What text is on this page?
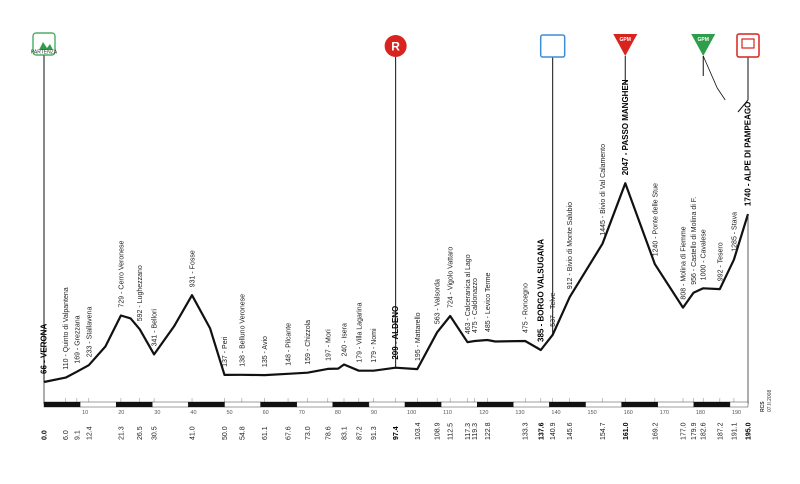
10	20	30	40	50	60	70	80	90	100	110	120	130	140	150	160	170	180	190
66 - VERONA 110 - Quinto di Valpantena 169 - Grezzana 233 - Stallavena
729 - Cerro Veronese 592 - Lughezzano
341 - Bellori
931 - Fosse
137 - Peri 138 - Belluno Veronese 135 - Avio 148 - Pilcante 159 - Chizzola 197 - Mori 240 - Isera 179 - Villa Lagarina 179 - Nomi 209 - ALDENO 195 - Mattarello
563 - Valsorda 724 - Vigolo Vattaro 463 - Calceranica al Lago 475 - Caldonazzo 485 - Levico Terme	475 - Roncegno 385 - BORGO VALSUGANA 537 - Telve
912 - Bivio di Monte Salubio
1445 - Bivio di Val Calamento
2047 - PASSO MANGHEN
1240 - Ponte delle Stue
808 - Molina di Fiemme 956 - Castello di Molina di F. 1000 - Cavalese 992 - Tesero
1285 - Stava
1740 - ALPE DI PAMPEAGO
0.0 6.0 9.1 12.4	21.3 26.5 30.5	41.0	50.0 54.8 61.1 67.6 73.0 78.6 83.1 87.2 91.3 97.4 103.4 108.9 112.5 117.3 119.3 122.8	133.3 137.6 140.9 145.6	154.7 161.0	169.2	177.0 179.9 182.6 187.2 191.1 195.0
PARTENZA	R	TV
GPM	GPM
ARRIVO
RCS 07.II.2008
